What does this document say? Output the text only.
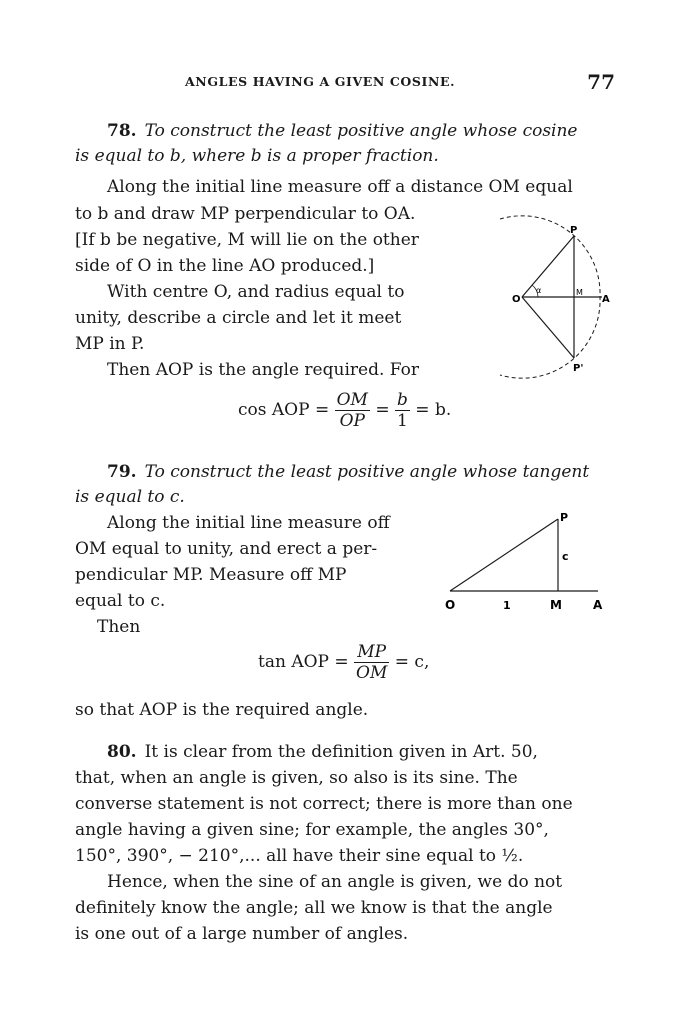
ANGLES HAVING A GIVEN COSINE.	77
78. To construct the least positive angle whose cosine
is equal to b, where b is a proper fraction.
Along the initial line measure off a distance OM equal
to b and draw MP perpendicular to OA.
[If b be negative, M will lie on the other
side of O in the line AO produced.]
With centre O, and radius equal to
unity, describe a circle and let it meet
MP in P.
Then AOP is the angle required. For
cos AOP = $\frac{OM}{OP} = \frac{b}{1} = b$.
O
α	M
A
P
P'
79. To construct the least positive angle whose tangent
is equal to c.
Along the initial line measure off
OM equal to unity, and erect a per-
pendicular MP. Measure off MP
equal to c.
Then
tan AOP = $\frac{MP}{OM} = c$,
so that AOP is the required angle.
P
c
O	1	M	A
80. It is clear from the definition given in Art. 50,
that, when an angle is given, so also is its sine. The
converse statement is not correct; there is more than one
angle having a given sine; for example, the angles 30°,
150°, 390°, − 210°,... all have their sine equal to ½.
Hence, when the sine of an angle is given, we do not
definitely know the angle; all we know is that the angle
is one out of a large number of angles.
